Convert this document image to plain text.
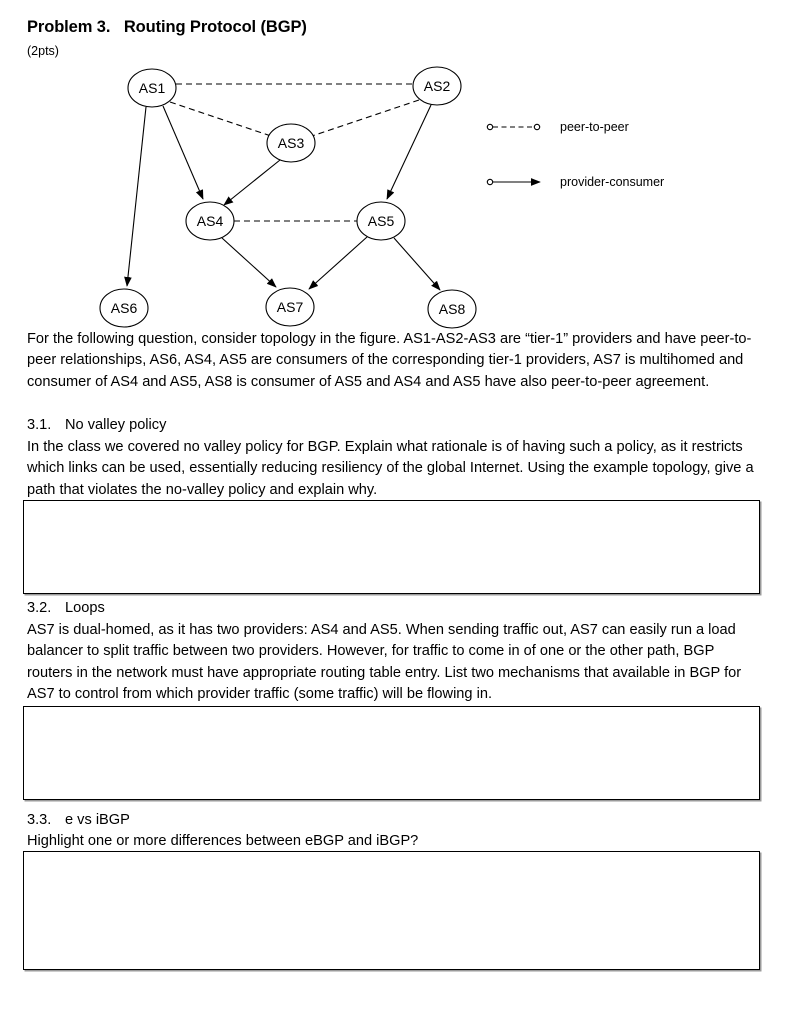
Problem 3.   Routing Protocol (BGP)
(2pts)
AS1	AS2
AS3
AS4	AS5
AS6	AS7	AS8
peer-to-peer
provider-consumer
For the following question, consider topology in the figure. AS1-AS2-AS3 are “tier-1” providers and have peer-to-peer relationships, AS6, AS4, AS5 are consumers of the corresponding tier-1 providers, AS7 is multihomed and consumer of AS4 and AS5, AS8 is consumer of AS5 and AS4 and AS5 have also peer-to-peer agreement.
3.1. No valley policy
In the class we covered no valley policy for BGP. Explain what rationale is of having such a policy, as it restricts which links can be used, essentially reducing resiliency of the global Internet. Using the example topology, give a path that violates the no-valley policy and explain why.
3.2. Loops
AS7 is dual-homed, as it has two providers: AS4 and AS5. When sending traffic out, AS7 can easily run a load balancer to split traffic between two providers. However, for traffic to come in of one or the other path, BGP routers in the network must have appropriate routing table entry. List two mechanisms that available in BGP for AS7 to control from which provider traffic (some traffic) will be flowing in.
3.3. e vs iBGP
Highlight one or more differences between eBGP and iBGP?
